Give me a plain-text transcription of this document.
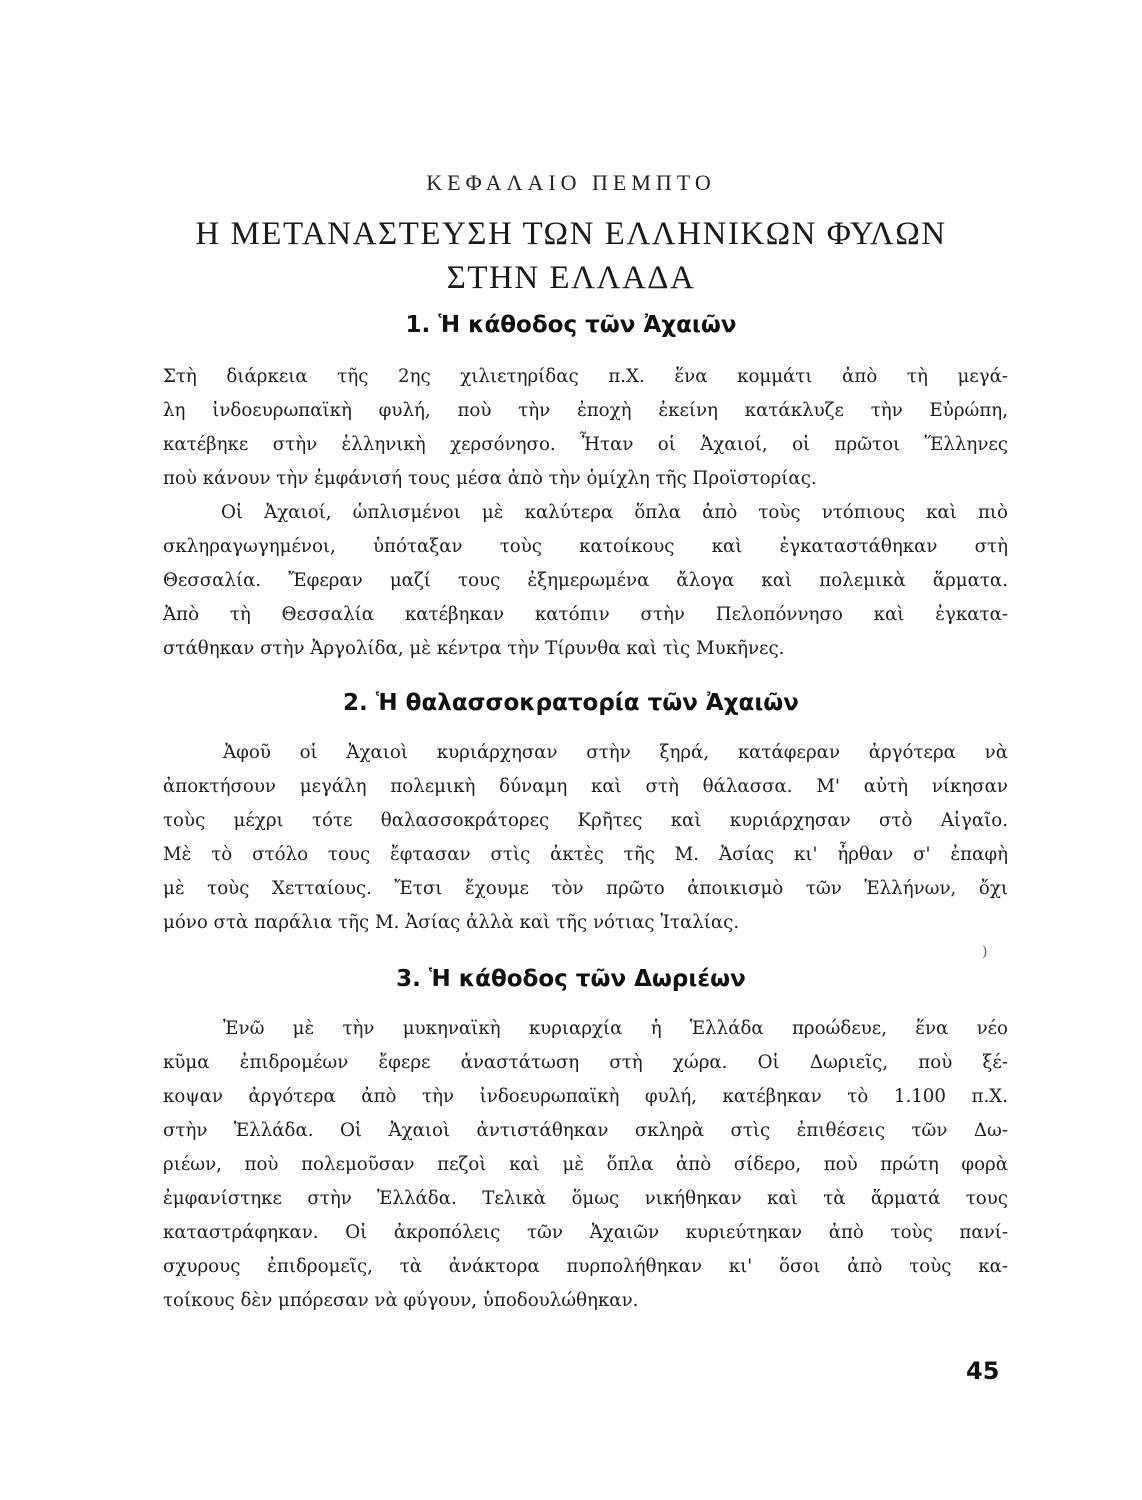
ΚΕΦΑΛΑΙΟ ΠΕΜΠΤΟ
Η ΜΕΤΑΝΑΣΤΕΥΣΗ ΤΩΝ ΕΛΛΗΝΙΚΩΝ ΦΥΛΩΝ
ΣΤΗΝ ΕΛΛΑΔΑ
1. Ἡ κάθοδος τῶν Ἀχαιῶν
Στὴ διάρκεια τῆς 2ης χιλιετηρίδας π.Χ. ἕνα κομμάτι ἀπὸ τὴ μεγά-
λη ἰνδοευρωπαϊκὴ φυλή, ποὺ τὴν ἐποχὴ ἐκείνη κατάκλυζε τὴν Εὐρώπη,
κατέβηκε στὴν ἑλληνικὴ χερσόνησο. Ἦταν οἱ Ἀχαιοί, οἱ πρῶτοι Ἕλληνες
ποὺ κάνουν τὴν ἐμφάνισή τους μέσα ἀπὸ τὴν ὁμίχλη τῆς Προϊστορίας.
Οἱ Ἀχαιοί, ὡπλισμένοι μὲ καλύτερα ὅπλα ἀπὸ τοὺς ντόπιους καὶ πιὸ
σκληραγωγημένοι, ὑπόταξαν τοὺς κατοίκους καὶ ἐγκαταστάθηκαν στὴ
Θεσσαλία. Ἔφεραν μαζί τους ἐξημερωμένα ἄλογα καὶ πολεμικὰ ἅρματα.
Ἀπὸ τὴ Θεσσαλία κατέβηκαν κατόπιν στὴν Πελοπόννησο καὶ ἐγκατα-
στάθηκαν στὴν Ἀργολίδα, μὲ κέντρα τὴν Τίρυνθα καὶ τὶς Μυκῆνες.
2. Ἡ θαλασσοκρατορία τῶν Ἀχαιῶν
Ἀφοῦ οἱ Ἀχαιοὶ κυριάρχησαν στὴν ξηρά, κατάφεραν ἀργότερα νὰ
ἀποκτήσουν μεγάλη πολεμικὴ δύναμη καὶ στὴ θάλασσα. Μ' αὐτὴ νίκησαν
τοὺς μέχρι τότε θαλασσοκράτορες Κρῆτες καὶ κυριάρχησαν στὸ Αἰγαῖο.
Μὲ τὸ στόλο τους ἔφτασαν στὶς ἀκτὲς τῆς Μ. Ἀσίας κι' ἦρθαν σ' ἐπαφὴ
μὲ τοὺς Χετταίους. Ἔτσι ἔχουμε τὸν πρῶτο ἀποικισμὸ τῶν Ἑλλήνων, ὄχι
μόνο στὰ παράλια τῆς Μ. Ἀσίας ἀλλὰ καὶ τῆς νότιας Ἰταλίας.
)
3. Ἡ κάθοδος τῶν Δωριέων
Ἐνῶ μὲ τὴν μυκηναϊκὴ κυριαρχία ἡ Ἑλλάδα προώδευε, ἕνα νέο
κῦμα ἐπιδρομέων ἔφερε ἀναστάτωση στὴ χώρα. Οἱ Δωριεῖς, ποὺ ξέ-
κοψαν ἀργότερα ἀπὸ τὴν ἰνδοευρωπαϊκὴ φυλή, κατέβηκαν τὸ 1.100 π.Χ.
στὴν Ἑλλάδα. Οἱ Ἀχαιοὶ ἀντιστάθηκαν σκληρὰ στὶς ἐπιθέσεις τῶν Δω-
ριέων, ποὺ πολεμοῦσαν πεζοὶ καὶ μὲ ὅπλα ἀπὸ σίδερο, ποὺ πρώτη φορὰ
ἐμφανίστηκε στὴν Ἑλλάδα. Τελικὰ ὅμως νικήθηκαν καὶ τὰ ἅρματά τους
καταστράφηκαν. Οἱ ἀκροπόλεις τῶν Ἀχαιῶν κυριεύτηκαν ἀπὸ τοὺς πανί-
σχυρους ἐπιδρομεῖς, τὰ ἀνάκτορα πυρπολήθηκαν κι' ὅσοι ἀπὸ τοὺς κα-
τοίκους δὲν μπόρεσαν νὰ φύγουν, ὑποδουλώθηκαν.
45
